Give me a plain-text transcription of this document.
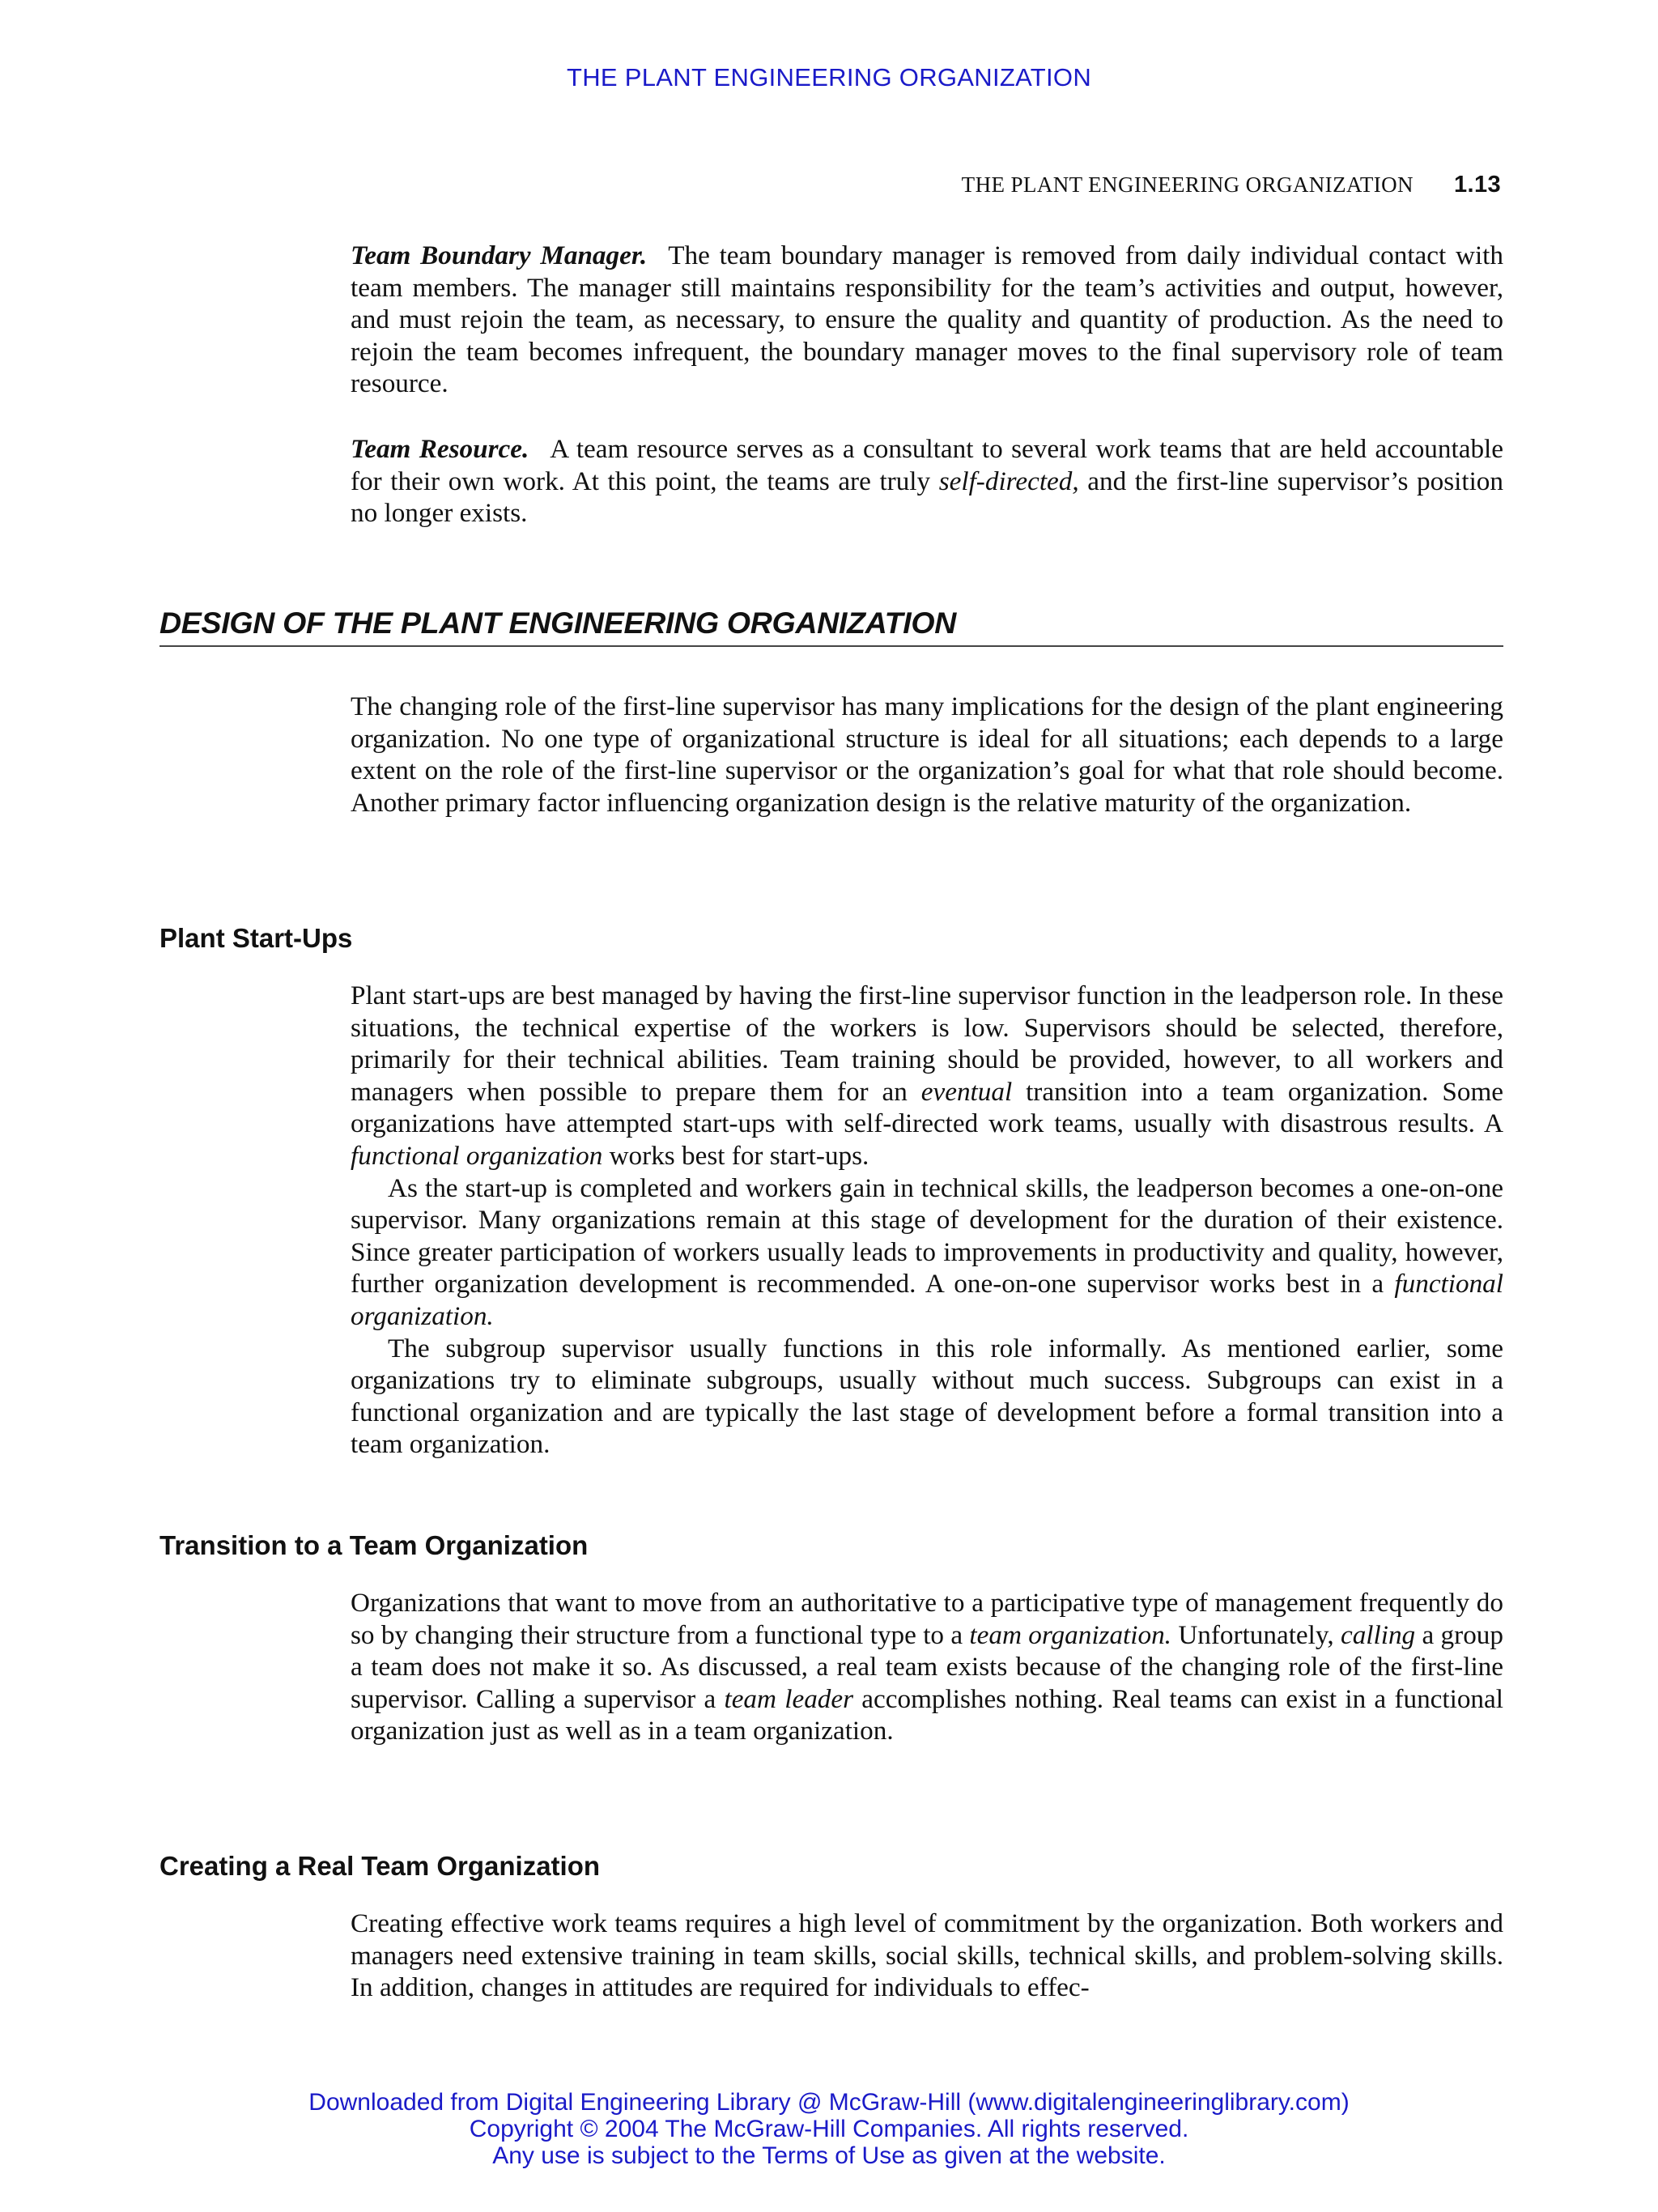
THE PLANT ENGINEERING ORGANIZATION
THE PLANT ENGINEERING ORGANIZATION 1.13

Team Boundary Manager. The team boundary manager is removed from daily individual contact with team members. The manager still maintains responsibility for the team’s activities and output, however, and must rejoin the team, as necessary, to ensure the quality and quantity of production. As the need to rejoin the team becomes infrequent, the boundary manager moves to the final supervisory role of team resource.

Team Resource. A team resource serves as a consultant to several work teams that are held accountable for their own work. At this point, the teams are truly self-directed, and the first-line supervisor’s position no longer exists.

DESIGN OF THE PLANT ENGINEERING ORGANIZATION

The changing role of the first-line supervisor has many implications for the design of the plant engineering organization. No one type of organizational structure is ideal for all situations; each depends to a large extent on the role of the first-line supervisor or the organization’s goal for what that role should become. Another primary factor influencing organization design is the relative maturity of the organization.

Plant Start-Ups

Plant start-ups are best managed by having the first-line supervisor function in the leadperson role. In these situations, the technical expertise of the workers is low. Supervisors should be selected, therefore, primarily for their technical abilities. Team training should be provided, however, to all workers and managers when possible to prepare them for an eventual transition into a team organization. Some organizations have attempted start-ups with self-directed work teams, usually with disastrous results. A functional organization works best for start-ups.
As the start-up is completed and workers gain in technical skills, the leadperson becomes a one-on-one supervisor. Many organizations remain at this stage of development for the duration of their existence. Since greater participation of workers usually leads to improvements in productivity and quality, however, further organization development is recommended. A one-on-one supervisor works best in a functional organization.
The subgroup supervisor usually functions in this role informally. As mentioned earlier, some organizations try to eliminate subgroups, usually without much success. Subgroups can exist in a functional organization and are typically the last stage of development before a formal transition into a team organization.

Transition to a Team Organization

Organizations that want to move from an authoritative to a participative type of management frequently do so by changing their structure from a functional type to a team organization. Unfortunately, calling a group a team does not make it so. As discussed, a real team exists because of the changing role of the first-line supervisor. Calling a supervisor a team leader accomplishes nothing. Real teams can exist in a functional organization just as well as in a team organization.

Creating a Real Team Organization

Creating effective work teams requires a high level of commitment by the organization. Both workers and managers need extensive training in team skills, social skills, technical skills, and problem-solving skills. In addition, changes in attitudes are required for individuals to effec-

Downloaded from Digital Engineering Library @ McGraw-Hill (www.digitalengineeringlibrary.com)
Copyright © 2004 The McGraw-Hill Companies. All rights reserved.
Any use is subject to the Terms of Use as given at the website.
